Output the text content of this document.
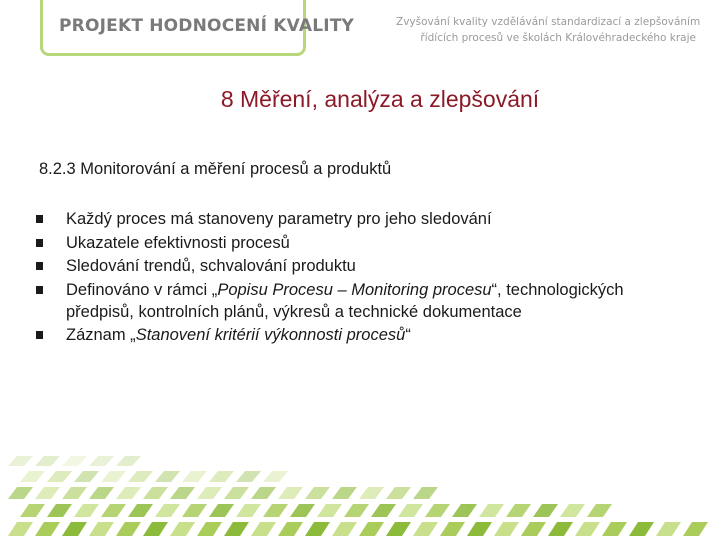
PROJEKT HODNOCENÍ KVALITY	Zvyšování kvality vzdělávání standardizací a zlepšováním
řídících procesů ve školách Královéhradeckého kraje
8 Měření, analýza a zlepšování
8.2.3 Monitorování a měření procesů a produktů
Každý proces má stanoveny parametry pro jeho sledování
Ukazatele efektivnosti procesů
Sledování trendů, schvalování produktu
Definováno v rámci „Popisu Procesu – Monitoring procesu“, technologických předpisů, kontrolních plánů, výkresů a technické dokumentace
Záznam „Stanovení kritérií výkonnosti procesů“
